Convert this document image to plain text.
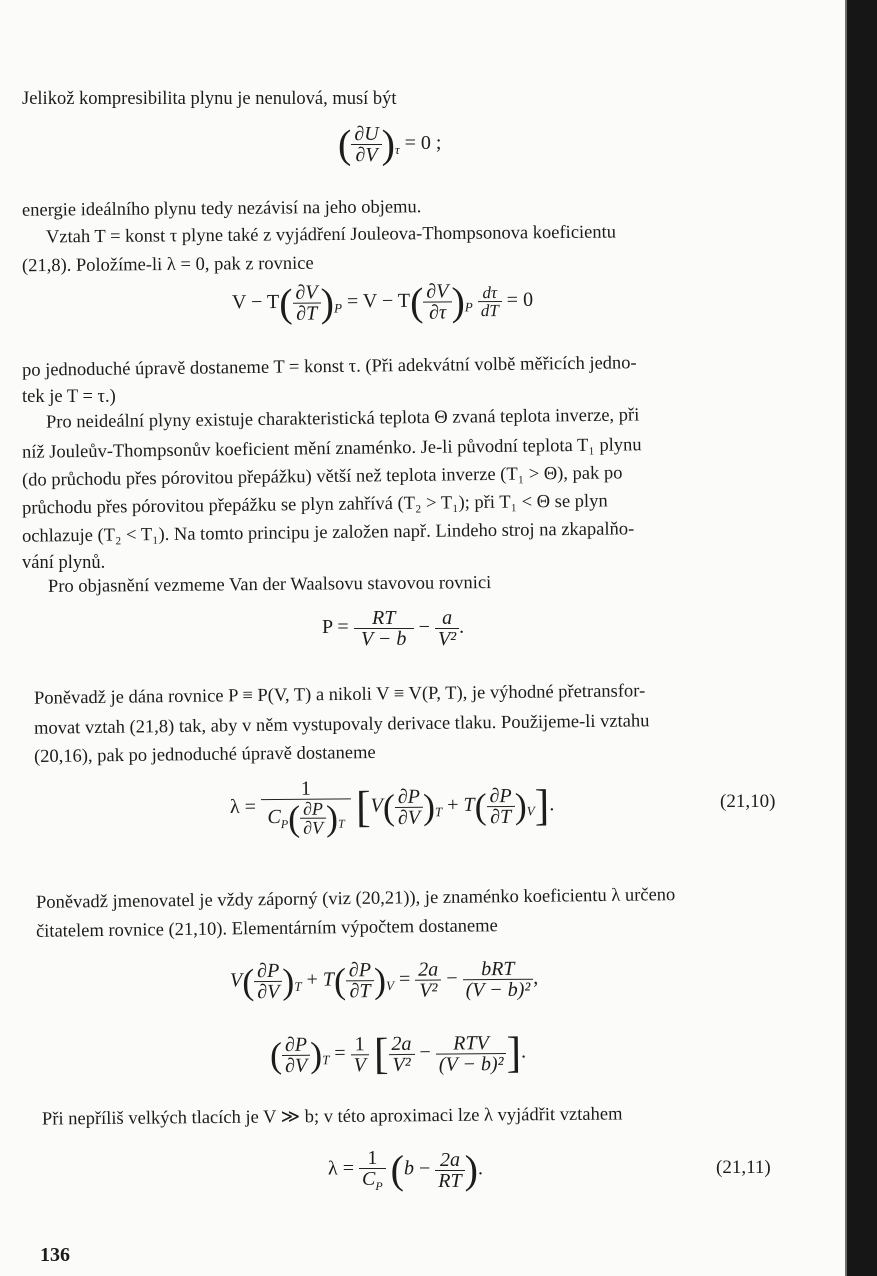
Jelikož kompresibilita plynu je nenulová, musí být
energie ideálního plynu tedy nezávisí na jeho objemu.
Vztah T = konst τ plyne také z vyjádření Jouleova-Thompsonova koeficientu
(21,8). Položíme-li λ = 0, pak z rovnice
po jednoduché úpravě dostaneme T = konst τ. (Při adekvátní volbě měřicích jedno-
tek je T = τ.)
Pro neideální plyny existuje charakteristická teplota Θ zvaná teplota inverze, při
níž Jouleův-Thompsonův koeficient mění znaménko. Je-li původní teplota T₁ plynu
(do průchodu přes pórovitou přepážku) větší než teplota inverze (T₁ > Θ), pak po
průchodu přes pórovitou přepážku se plyn zahřívá (T₂ > T₁); při T₁ < Θ se plyn
ochlazuje (T₂ < T₁). Na tomto principu je založen např. Lindeho stroj na zkapalňo-
vání plynů.
Pro objasnění vezmeme Van der Waalsovu stavovou rovnici
Poněvadž je dána rovnice P ≡ P(V, T) a nikoli V ≡ V(P, T), je výhodné přetransfor-
movat vztah (21,8) tak, aby v něm vystupovaly derivace tlaku. Použijeme-li vztahu
(20,16), pak po jednoduché úpravě dostaneme
Poněvadž jmenovatel je vždy záporný (viz (20,21)), je znaménko koeficientu λ určeno
čitatelem rovnice (21,10). Elementárním výpočtem dostaneme
Při nepříliš velkých tlacích je V ≫ b; v této aproximaci lze λ vyjádřit vztahem
( $\frac{\partial U}{\partial V} )_\tau = 0$ ;
$V - T( \frac{\partial V}{\partial T} )_P = V - T( \frac{\partial V}{\partial\tau} )_P \frac{d\tau}{dT} = 0$
$P = \frac{RT}{V - b} - \frac{a}{\text{V²}}$ .
$\lambda = \frac{1}{C_P( \frac{\partial P}{\partial V} )_T} [V( \frac{\partial P}{\partial V} )_T + T( \frac{\partial P}{\partial T} )_V]$.	(21,10)
$V( \frac{\partial P}{\partial V} )_T + T( \frac{\partial P}{\partial T} )_V = \frac{2a}{\text{V²}} - \frac{\text{bRT}}{\text{(V − b)²}}$ ,
( $\frac{\partial P}{\partial V} )_T = \frac{1}{V}$ [ $\frac{2a}{\text{V²}} - \frac{\text{RTV}}{\text{(V − b)²}}$ ].
$\lambda = \frac{1}{C_P} (b - \frac{2a}{RT}$ ).	(21,11)
136
